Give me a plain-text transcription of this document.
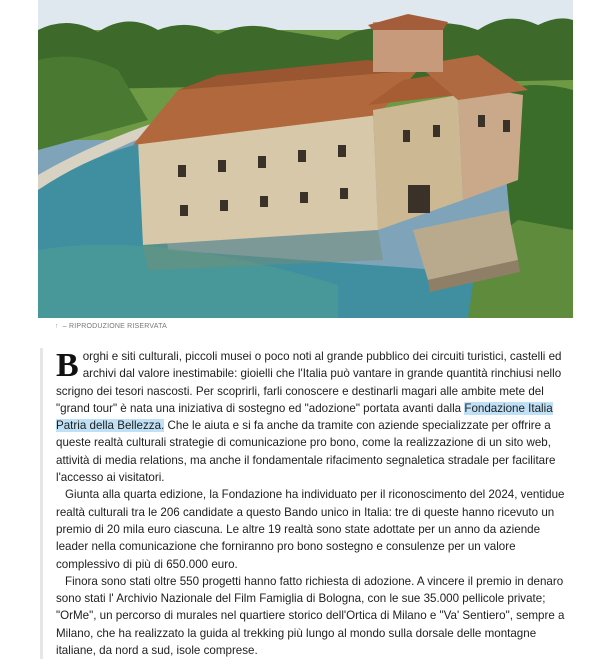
↑ – RIPRODUZIONE RISERVATA

Borghi e siti culturali, piccoli musei o poco noti al grande pubblico dei circuiti turistici, castelli ed archivi dal valore inestimabile: gioielli che l'Italia può vantare in grande quantità rinchiusi nello scrigno dei tesori nascosti. Per scoprirli, farli conoscere e destinarli magari alle ambite mete del "grand tour" è nata una iniziativa di sostegno ed "adozione" portata avanti dalla Fondazione Italia Patria della Bellezza. Che le aiuta e si fa anche da tramite con aziende specializzate per offrire a queste realtà culturali strategie di comunicazione pro bono, come la realizzazione di un sito web, attività di media relations, ma anche il fondamentale rifacimento segnaletica stradale per facilitare l'accesso ai visitatori.

Giunta alla quarta edizione, la Fondazione ha individuato per il riconoscimento del 2024, ventidue realtà culturali tra le 206 candidate a questo Bando unico in Italia: tre di queste hanno ricevuto un premio di 20 mila euro ciascuna. Le altre 19 realtà sono state adottate per un anno da aziende leader nella comunicazione che forniranno pro bono sostegno e consulenze per un valore complessivo di più di 650.000 euro.

Finora sono stati oltre 550 progetti hanno fatto richiesta di adozione. A vincere il premio in denaro sono stati l' Archivio Nazionale del Film Famiglia di Bologna, con le sue 35.000 pellicole private; "OrMe", un percorso di murales nel quartiere storico dell'Ortica di Milano e "Va' Sentiero", sempre a Milano, che ha realizzato la guida al trekking più lungo al mondo sulla dorsale delle montagne italiane, da nord a sud, isole comprese.
